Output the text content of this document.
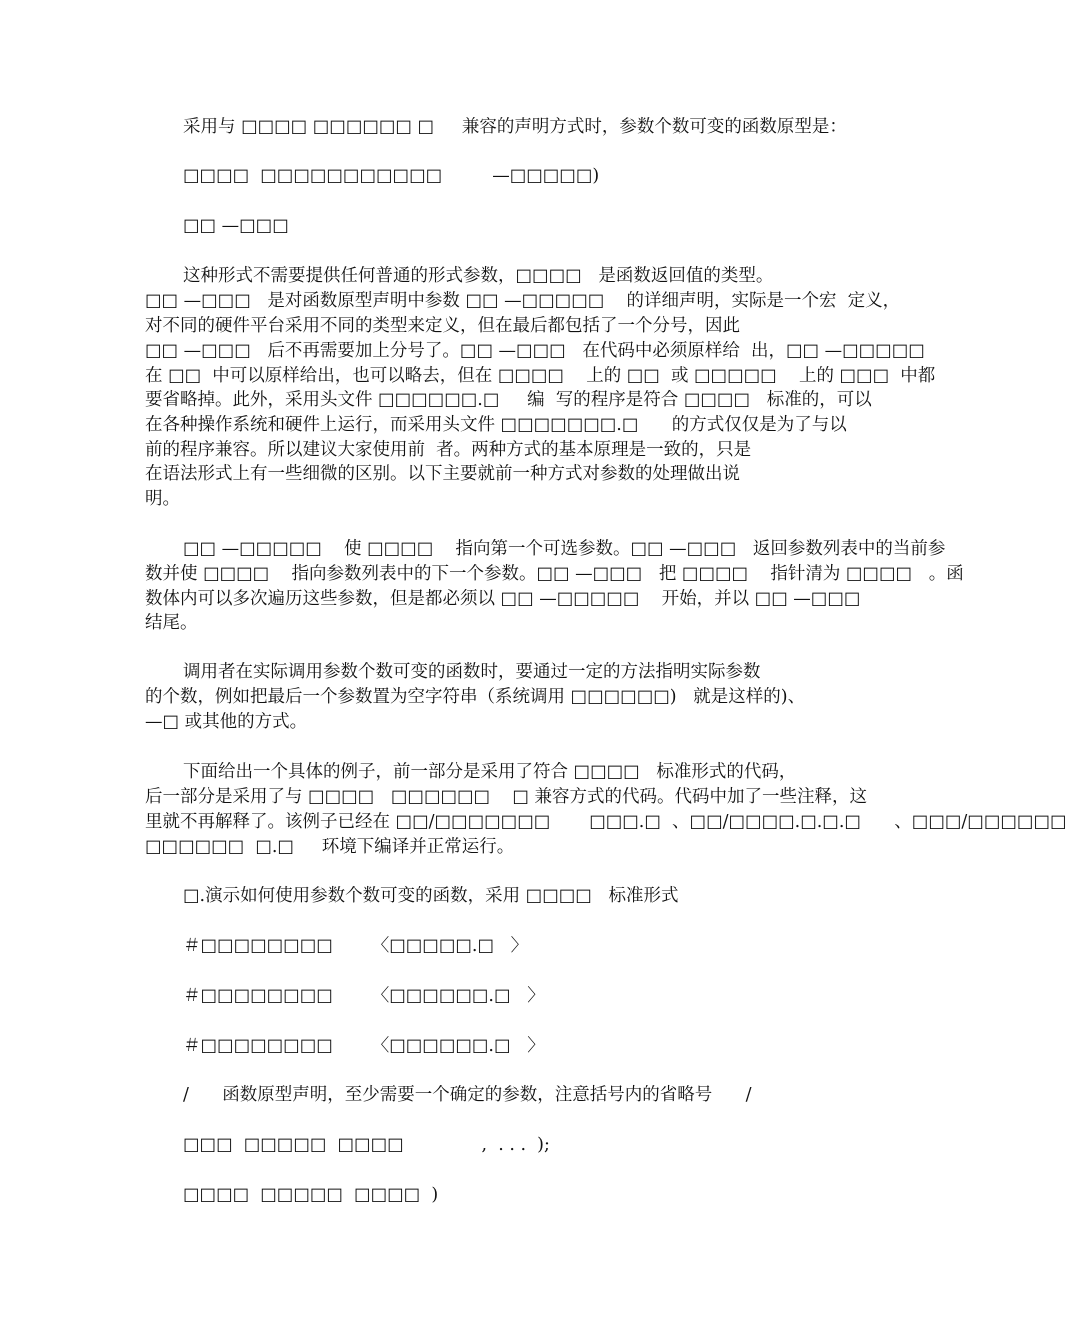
采用与 □□□□ □□□□□□ □     兼容的声明方式时，参数个数可变的函数原型是：
□□□□  □□□□□□□□□□□         —□□□□□)
□□ —□□□
这种形式不需要提供任何普通的形式参数，□□□□   是函数返回值的类型。
□□ —□□□   是对函数原型声明中参数 □□ —□□□□□    的详细声明，实际是一个宏  定义，
对不同的硬件平台采用不同的类型来定义，但在最后都包括了一个分号，因此
□□ —□□□   后不再需要加上分号了。□□ —□□□   在代码中必须原样给  出，□□ —□□□□□
在 □□  中可以原样给出，也可以略去，但在 □□□□    上的 □□  或 □□□□□    上的 □□□  中都
要省略掉。此外，采用头文件 □□□□□□.□     编  写的程序是符合 □□□□   标准的，可以
在各种操作系统和硬件上运行，而采用头文件 □□□□□□□.□      的方式仅仅是为了与以
前的程序兼容。所以建议大家使用前  者。两种方式的基本原理是一致的，只是
在语法形式上有一些细微的区别。以下主要就前一种方式对参数的处理做出说
明。
□□ —□□□□□    使 □□□□    指向第一个可选参数。□□ —□□□   返回参数列表中的当前参
数并使 □□□□    指向参数列表中的下一个参数。□□ —□□□   把 □□□□    指针清为 □□□□   。函
数体内可以多次遍历这些参数，但是都必须以 □□ —□□□□□    开始，并以 □□ —□□□
结尾。
调用者在实际调用参数个数可变的函数时，要通过一定的方法指明实际参数
的个数，例如把最后一个参数置为空字符串（系统调用 □□□□□□)   就是这样的)、
—□ 或其他的方式。
下面给出一个具体的例子，前一部分是采用了符合 □□□□   标准形式的代码，
后一部分是采用了与 □□□□   □□□□□□    □ 兼容方式的代码。代码中加了一些注释，这
里就不再解释了。该例子已经在 □□/□□□□□□□       □□□.□  、□□/□□□□.□.□.□      、□□□/□□□□□□
□□□□□□  □.□     环境下编译并正常运行。
□.演示如何使用参数个数可变的函数，采用 □□□□   标准形式
＃□□□□□□□□       〈□□□□□.□   〉
＃□□□□□□□□       〈□□□□□□.□   〉
＃□□□□□□□□       〈□□□□□□.□   〉
/      函数原型声明，至少需要一个确定的参数，注意括号内的省略号      /
□□□  □□□□□  □□□□              ,  . . .  );
□□□□  □□□□□  □□□□  )
